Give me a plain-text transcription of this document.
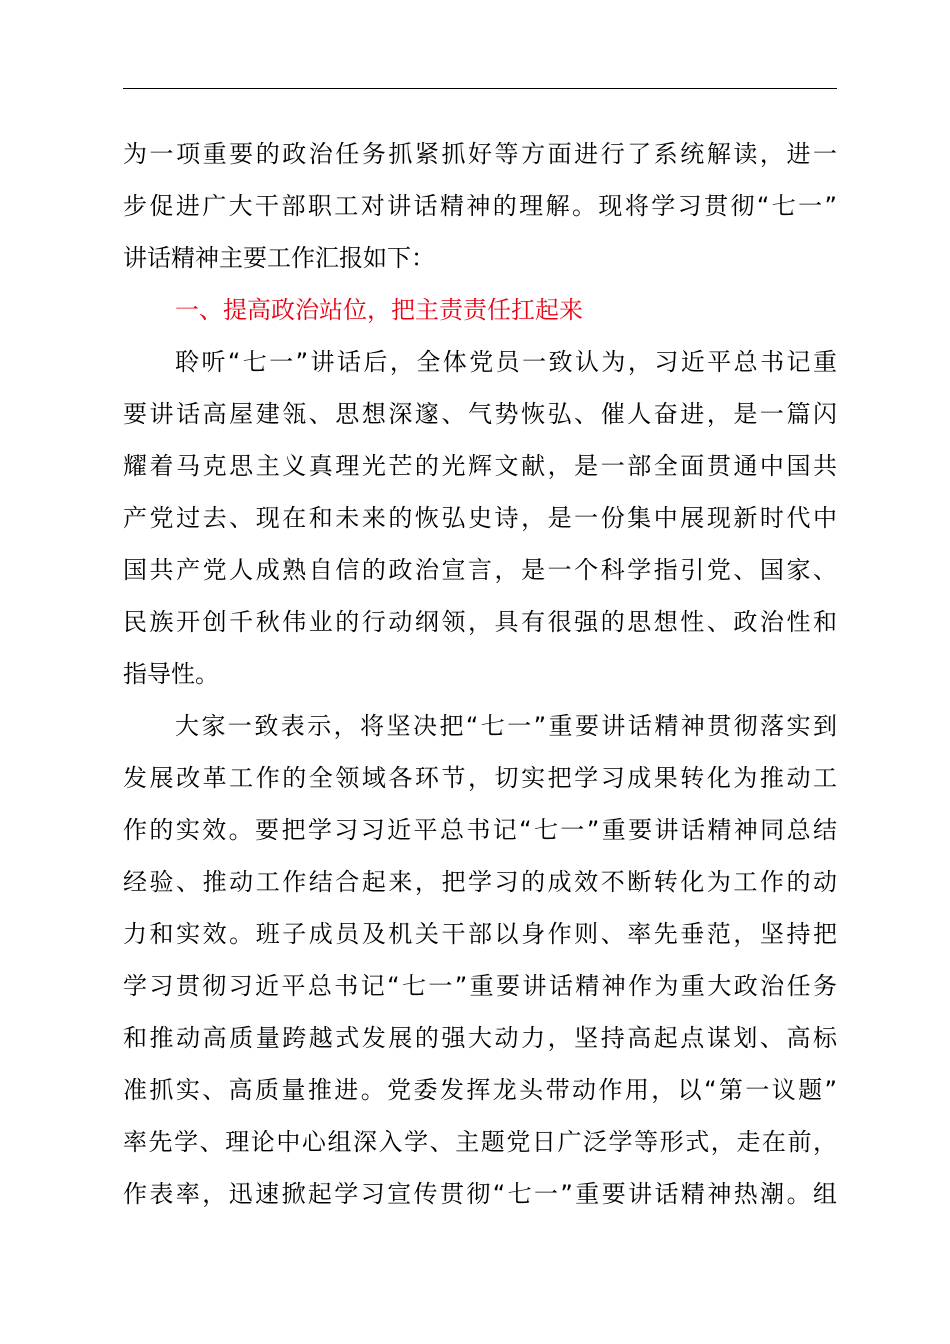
为一项重要的政治任务抓紧抓好等方面进行了系统解读，进一
步促进广大干部职工对讲话精神的理解。现将学习贯彻“七一”
讲话精神主要工作汇报如下：
一、提高政治站位，把主责责任扛起来
聆听“七一”讲话后，全体党员一致认为，习近平总书记重
要讲话高屋建瓴、思想深邃、气势恢弘、催人奋进，是一篇闪
耀着马克思主义真理光芒的光辉文献，是一部全面贯通中国共
产党过去、现在和未来的恢弘史诗，是一份集中展现新时代中
国共产党人成熟自信的政治宣言，是一个科学指引党、国家、
民族开创千秋伟业的行动纲领，具有很强的思想性、政治性和
指导性。
大家一致表示，将坚决把“七一”重要讲话精神贯彻落实到
发展改革工作的全领域各环节，切实把学习成果转化为推动工
作的实效。要把学习习近平总书记“七一”重要讲话精神同总结
经验、推动工作结合起来，把学习的成效不断转化为工作的动
力和实效。班子成员及机关干部以身作则、率先垂范，坚持把
学习贯彻习近平总书记“七一”重要讲话精神作为重大政治任务
和推动高质量跨越式发展的强大动力，坚持高起点谋划、高标
准抓实、高质量推进。党委发挥龙头带动作用，以“第一议题”
率先学、理论中心组深入学、主题党日广泛学等形式，走在前，
作表率，迅速掀起学习宣传贯彻“七一”重要讲话精神热潮。组
